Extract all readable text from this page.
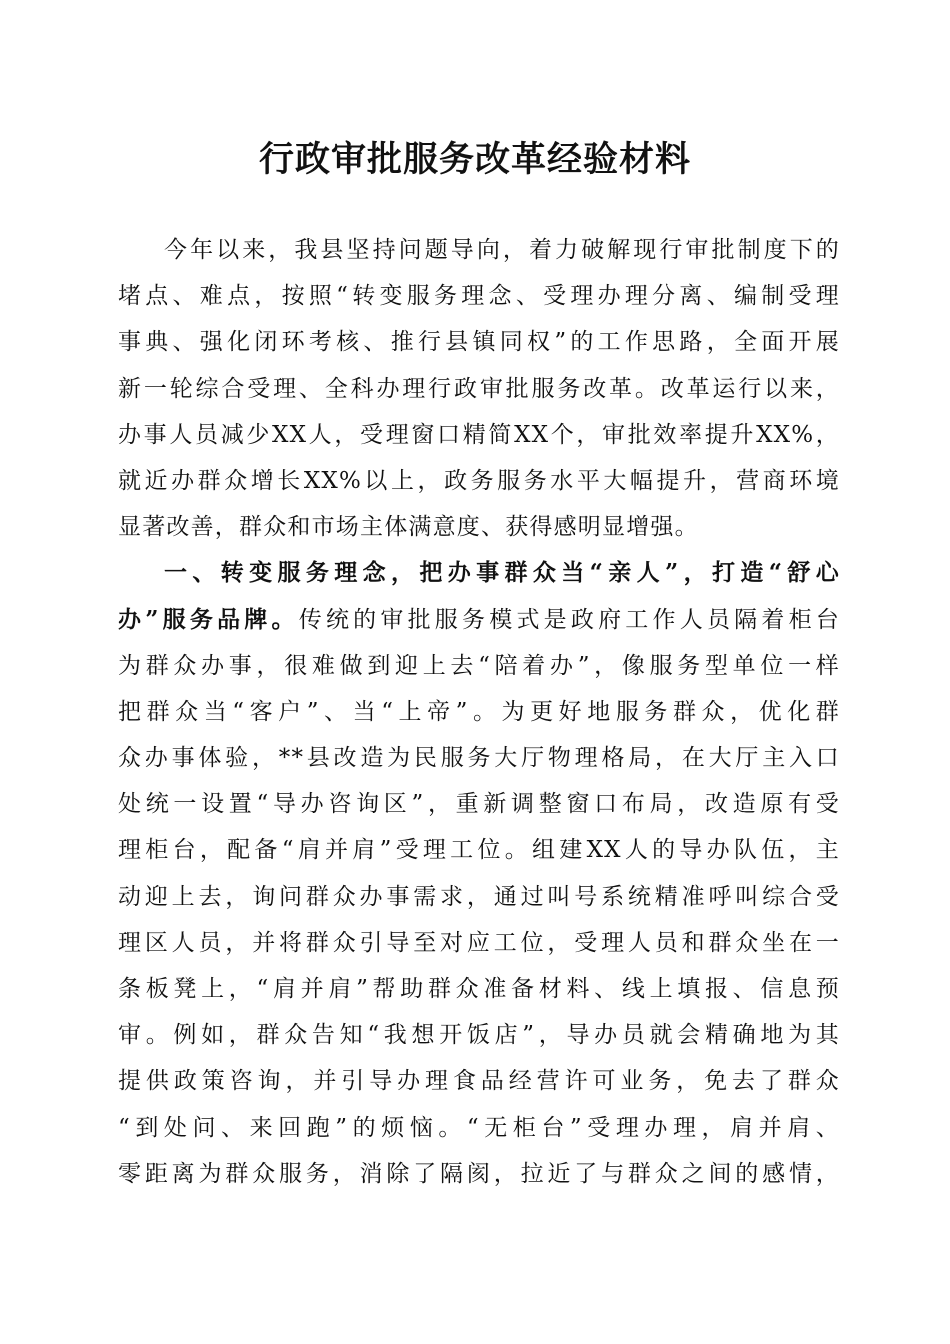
行政审批服务改革经验材料
今年以来，我县坚持问题导向，着力破解现行审批制度下的
堵点、难点，按照“转变服务理念、受理办理分离、编制受理
事典、强化闭环考核、推行县镇同权”的工作思路，全面开展
新一轮综合受理、全科办理行政审批服务改革。改革运行以来，
办事人员减少XX人，受理窗口精简XX个，审批效率提升XX%，
就近办群众增长XX%以上，政务服务水平大幅提升，营商环境
显著改善，群众和市场主体满意度、获得感明显增强。
一、转变服务理念，把办事群众当“亲人”，打造“舒心
办”服务品牌。传统的审批服务模式是政府工作人员隔着柜台
为群众办事，很难做到迎上去“陪着办”，像服务型单位一样
把群众当“客户”、当“上帝”。为更好地服务群众，优化群
众办事体验，**县改造为民服务大厅物理格局，在大厅主入口
处统一设置“导办咨询区”，重新调整窗口布局，改造原有受
理柜台，配备“肩并肩”受理工位。组建XX人的导办队伍，主
动迎上去，询问群众办事需求，通过叫号系统精准呼叫综合受
理区人员，并将群众引导至对应工位，受理人员和群众坐在一
条板凳上，“肩并肩”帮助群众准备材料、线上填报、信息预
审。例如，群众告知“我想开饭店”，导办员就会精确地为其
提供政策咨询，并引导办理食品经营许可业务，免去了群众
“到处问、来回跑”的烦恼。“无柜台”受理办理，肩并肩、
零距离为群众服务，消除了隔阂，拉近了与群众之间的感情，
